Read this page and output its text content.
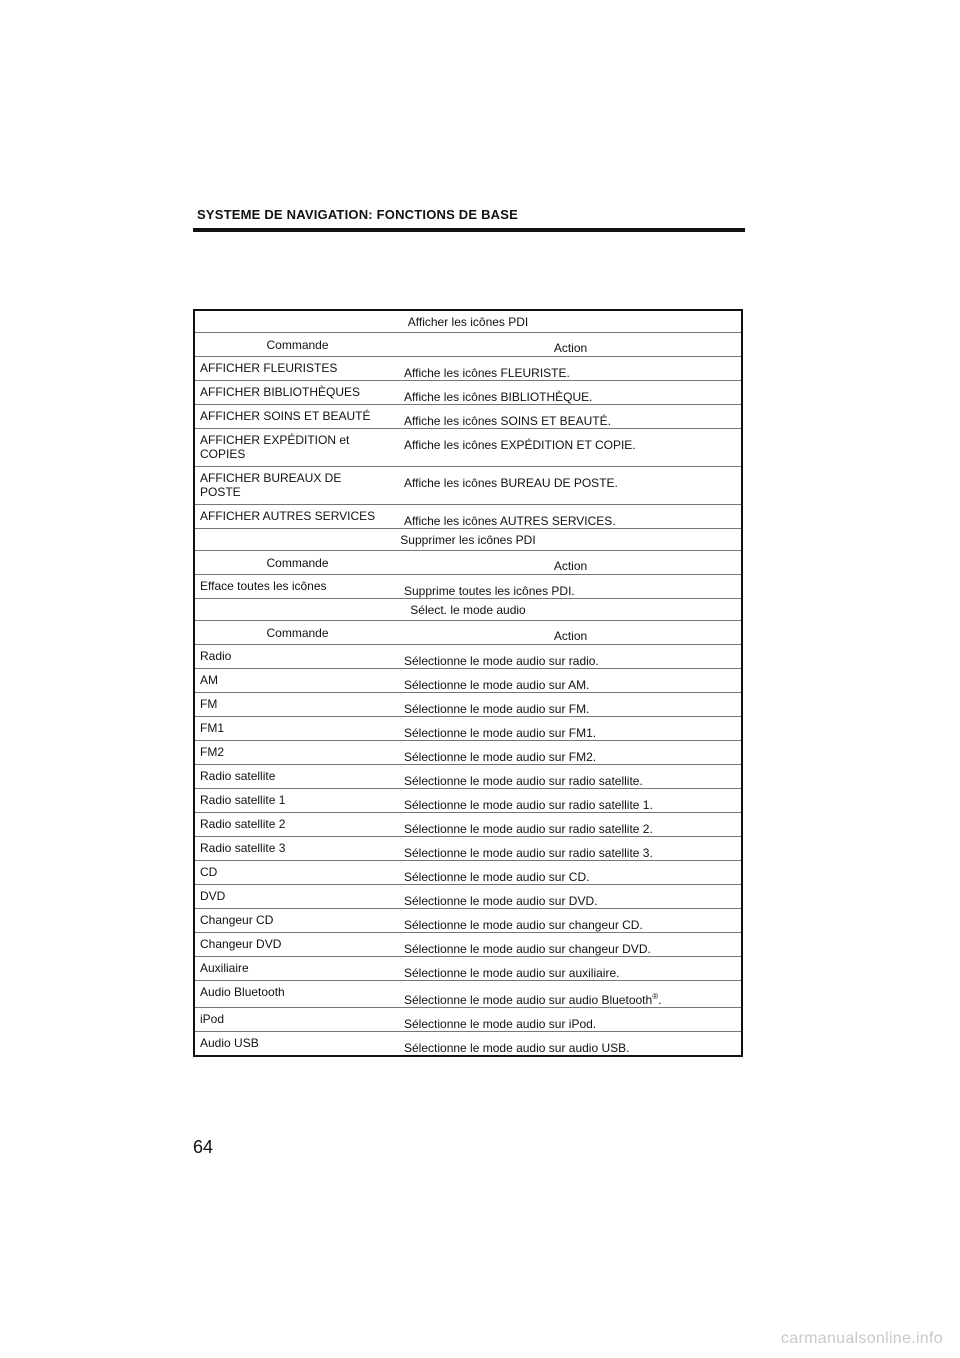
SYSTEME DE NAVIGATION: FONCTIONS DE BASE
Afficher les icônes PDI	
Commande	Action
AFFICHER FLEURISTES	Affiche les icônes FLEURISTE.
AFFICHER BIBLIOTHÈQUES	Affiche les icônes BIBLIOTHÈQUE.
AFFICHER SOINS ET BEAUTÉ	Affiche les icônes SOINS ET BEAUTÉ.

AFFICHER EXPÉDITION et
COPIES	Affiche les icônes EXPÉDITION ET COPIE.

AFFICHER BUREAUX DE
POSTE	Affiche les icônes BUREAU DE POSTE.
AFFICHER AUTRES SERVICES	Affiche les icônes AUTRES SERVICES.
Supprimer les icônes PDI	
Commande	Action
Efface toutes les icônes	Supprime toutes les icônes PDI.
Sélect. le mode audio	
Commande	Action
Radio	Sélectionne le mode audio sur radio.
AM	Sélectionne le mode audio sur AM.
FM	Sélectionne le mode audio sur FM.
FM1	Sélectionne le mode audio sur FM1.
FM2	Sélectionne le mode audio sur FM2.
Radio satellite	Sélectionne le mode audio sur radio satellite.
Radio satellite 1	Sélectionne le mode audio sur radio satellite 1.
Radio satellite 2	Sélectionne le mode audio sur radio satellite 2.
Radio satellite 3	Sélectionne le mode audio sur radio satellite 3.
CD	Sélectionne le mode audio sur CD.
DVD	Sélectionne le mode audio sur DVD.
Changeur CD	Sélectionne le mode audio sur changeur CD.
Changeur DVD	Sélectionne le mode audio sur changeur DVD.
Auxiliaire	Sélectionne le mode audio sur auxiliaire.
Audio Bluetooth	Sélectionne le mode audio sur audio Bluetooth®.
iPod	Sélectionne le mode audio sur iPod.
Audio USB	Sélectionne le mode audio sur audio USB.
64
carmanualsonline.info
